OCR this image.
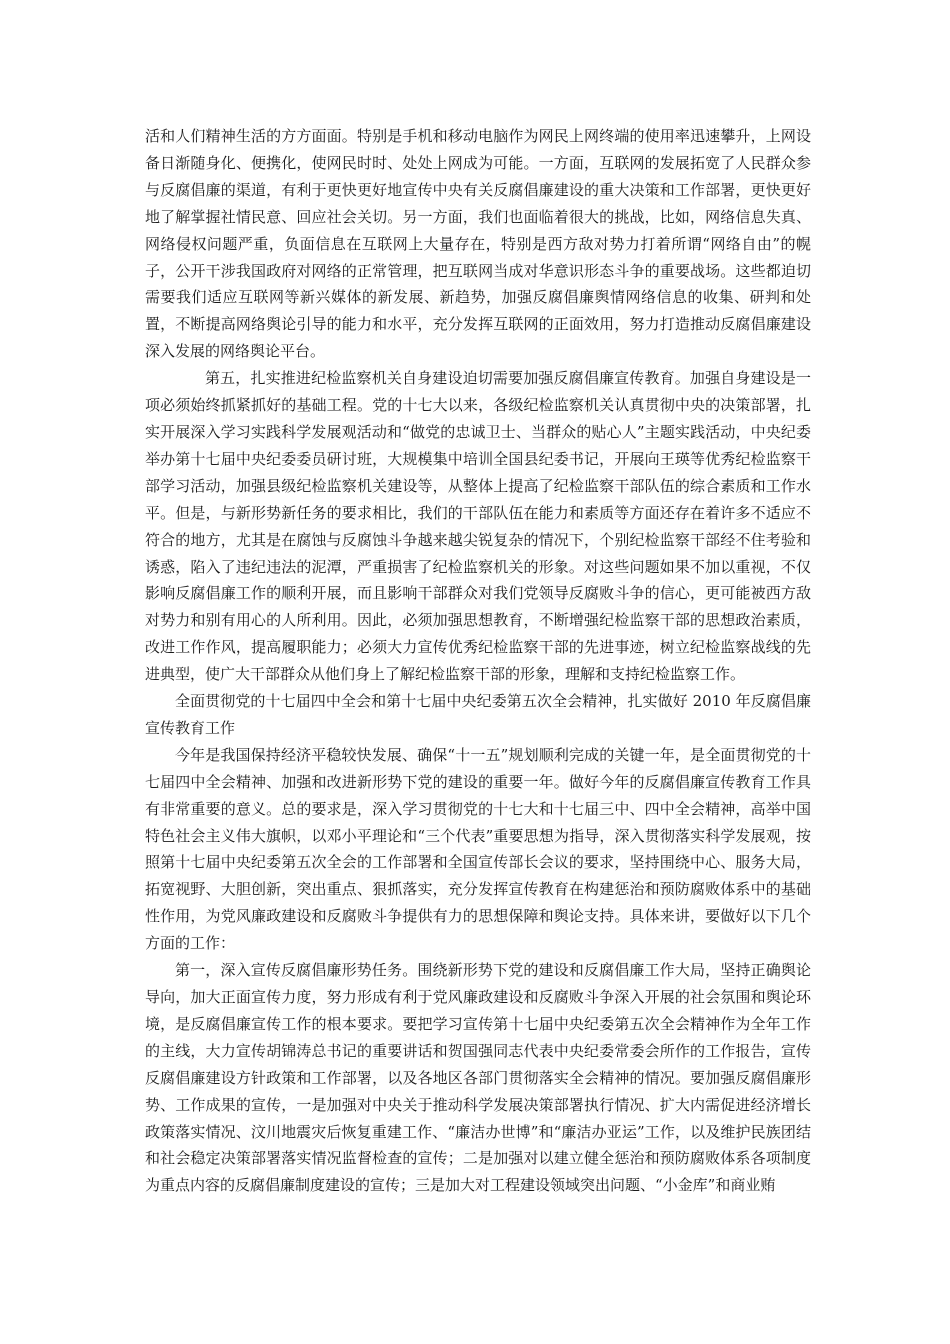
活和人们精神生活的方方面面。特别是手机和移动电脑作为网民上网终端的使用率迅速攀升，上网设备日渐随身化、便携化，使网民时时、处处上网成为可能。一方面，互联网的发展拓宽了人民群众参与反腐倡廉的渠道，有利于更快更好地宣传中央有关反腐倡廉建设的重大决策和工作部署，更快更好地了解掌握社情民意、回应社会关切。另一方面，我们也面临着很大的挑战，比如，网络信息失真、网络侵权问题严重，负面信息在互联网上大量存在，特别是西方敌对势力打着所谓“网络自由”的幌子，公开干涉我国政府对网络的正常管理，把互联网当成对华意识形态斗争的重要战场。这些都迫切需要我们适应互联网等新兴媒体的新发展、新趋势，加强反腐倡廉舆情网络信息的收集、研判和处置，不断提高网络舆论引导的能力和水平，充分发挥互联网的正面效用，努力打造推动反腐倡廉建设深入发展的网络舆论平台。

第五，扎实推进纪检监察机关自身建设迫切需要加强反腐倡廉宣传教育。加强自身建设是一项必须始终抓紧抓好的基础工程。党的十七大以来，各级纪检监察机关认真贯彻中央的决策部署，扎实开展深入学习实践科学发展观活动和“做党的忠诚卫士、当群众的贴心人”主题实践活动，中央纪委举办第十七届中央纪委委员研讨班，大规模集中培训全国县纪委书记，开展向王瑛等优秀纪检监察干部学习活动，加强县级纪检监察机关建设等，从整体上提高了纪检监察干部队伍的综合素质和工作水平。但是，与新形势新任务的要求相比，我们的干部队伍在能力和素质等方面还存在着许多不适应不符合的地方，尤其是在腐蚀与反腐蚀斗争越来越尖锐复杂的情况下，个别纪检监察干部经不住考验和诱惑，陷入了违纪违法的泥潭，严重损害了纪检监察机关的形象。对这些问题如果不加以重视，不仅影响反腐倡廉工作的顺利开展，而且影响干部群众对我们党领导反腐败斗争的信心，更可能被西方敌对势力和别有用心的人所利用。因此，必须加强思想教育，不断增强纪检监察干部的思想政治素质，改进工作作风，提高履职能力；必须大力宣传优秀纪检监察干部的先进事迹，树立纪检监察战线的先进典型，使广大干部群众从他们身上了解纪检监察干部的形象，理解和支持纪检监察工作。

全面贯彻党的十七届四中全会和第十七届中央纪委第五次全会精神，扎实做好 2010 年反腐倡廉宣传教育工作

今年是我国保持经济平稳较快发展、确保“十一五”规划顺利完成的关键一年，是全面贯彻党的十七届四中全会精神、加强和改进新形势下党的建设的重要一年。做好今年的反腐倡廉宣传教育工作具有非常重要的意义。总的要求是，深入学习贯彻党的十七大和十七届三中、四中全会精神，高举中国特色社会主义伟大旗帜，以邓小平理论和“三个代表”重要思想为指导，深入贯彻落实科学发展观，按照第十七届中央纪委第五次全会的工作部署和全国宣传部长会议的要求，坚持围绕中心、服务大局，拓宽视野、大胆创新，突出重点、狠抓落实，充分发挥宣传教育在构建惩治和预防腐败体系中的基础性作用，为党风廉政建设和反腐败斗争提供有力的思想保障和舆论支持。具体来讲，要做好以下几个方面的工作：

第一，深入宣传反腐倡廉形势任务。围绕新形势下党的建设和反腐倡廉工作大局，坚持正确舆论导向，加大正面宣传力度，努力形成有利于党风廉政建设和反腐败斗争深入开展的社会氛围和舆论环境，是反腐倡廉宣传工作的根本要求。要把学习宣传第十七届中央纪委第五次全会精神作为全年工作的主线，大力宣传胡锦涛总书记的重要讲话和贺国强同志代表中央纪委常委会所作的工作报告，宣传反腐倡廉建设方针政策和工作部署，以及各地区各部门贯彻落实全会精神的情况。要加强反腐倡廉形势、工作成果的宣传，一是加强对中央关于推动科学发展决策部署执行情况、扩大内需促进经济增长政策落实情况、汶川地震灾后恢复重建工作、“廉洁办世博”和“廉洁办亚运”工作，以及维护民族团结和社会稳定决策部署落实情况监督检查的宣传；二是加强对以建立健全惩治和预防腐败体系各项制度为重点内容的反腐倡廉制度建设的宣传；三是加大对工程建设领域突出问题、“小金库”和商业贿
